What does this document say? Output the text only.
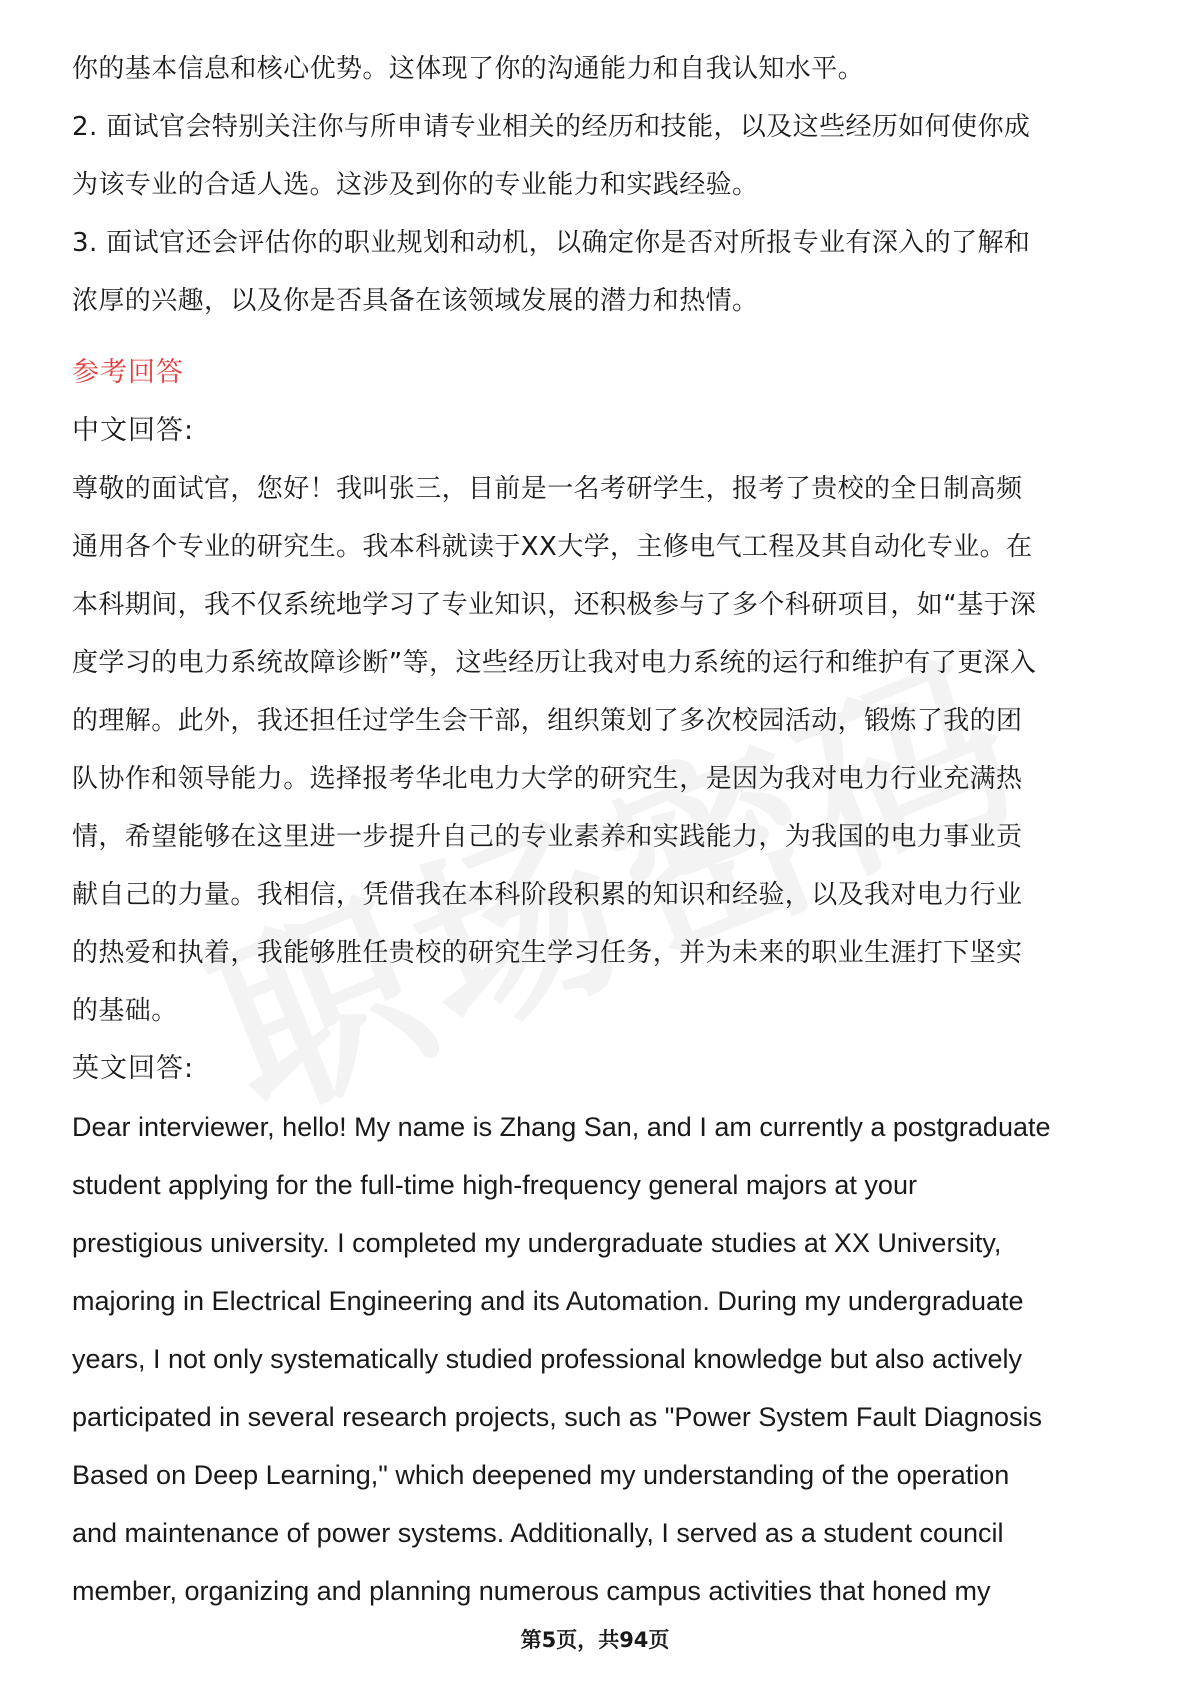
你的基本信息和核心优势。这体现了你的沟通能力和自我认知水平。
2. 面试官会特别关注你与所申请专业相关的经历和技能，以及这些经历如何使你成
为该专业的合适人选。这涉及到你的专业能力和实践经验。
3. 面试官还会评估你的职业规划和动机，以确定你是否对所报专业有深入的了解和
浓厚的兴趣，以及你是否具备在该领域发展的潜力和热情。
参考回答
中文回答:
尊敬的面试官，您好！我叫张三，目前是一名考研学生，报考了贵校的全日制高频
通用各个专业的研究生。我本科就读于XX大学，主修电气工程及其自动化专业。在
本科期间，我不仅系统地学习了专业知识，还积极参与了多个科研项目，如“基于深
度学习的电力系统故障诊断”等，这些经历让我对电力系统的运行和维护有了更深入
的理解。此外，我还担任过学生会干部，组织策划了多次校园活动，锻炼了我的团
队协作和领导能力。选择报考华北电力大学的研究生，是因为我对电力行业充满热
情，希望能够在这里进一步提升自己的专业素养和实践能力，为我国的电力事业贡
献自己的力量。我相信，凭借我在本科阶段积累的知识和经验，以及我对电力行业
的热爱和执着，我能够胜任贵校的研究生学习任务，并为未来的职业生涯打下坚实
的基础。
英文回答:
Dear interviewer, hello! My name is Zhang San, and I am currently a postgraduate
student applying for the full-time high-frequency general majors at your
prestigious university. I completed my undergraduate studies at XX University,
majoring in Electrical Engineering and its Automation. During my undergraduate
years, I not only systematically studied professional knowledge but also actively
participated in several research projects, such as "Power System Fault Diagnosis
Based on Deep Learning," which deepened my understanding of the operation
and maintenance of power systems. Additionally, I served as a student council
member, organizing and planning numerous campus activities that honed my
第5页，共94页
